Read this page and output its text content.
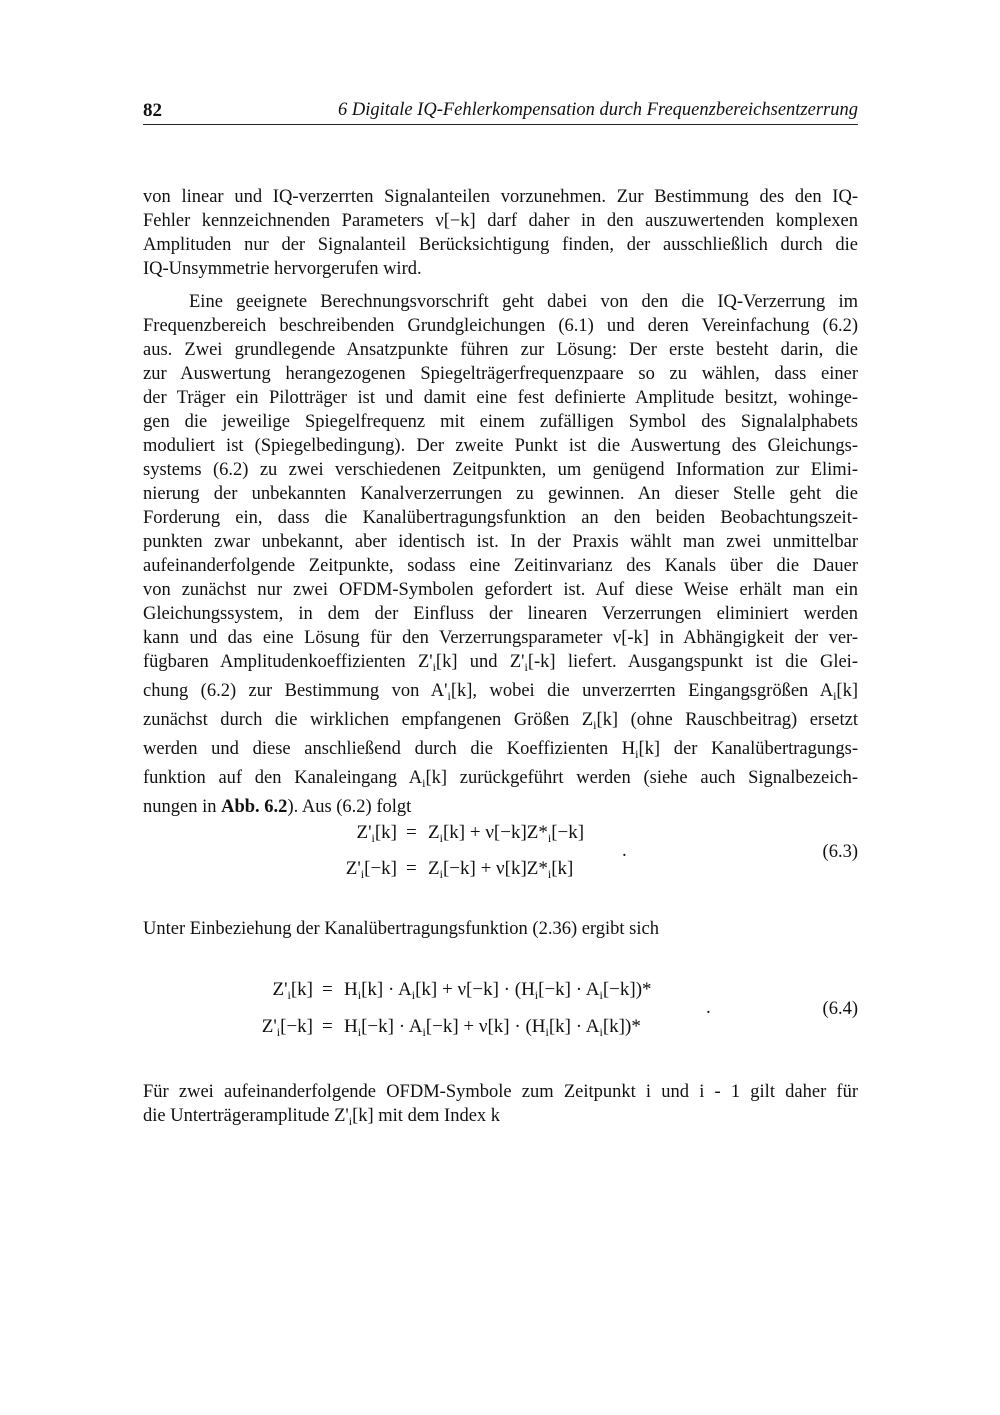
82	6 Digitale IQ-Fehlerkompensation durch Frequenzbereichsentzerrung
von linear und IQ-verzerrten Signalanteilen vorzunehmen. Zur Bestimmung des den IQ-
Fehler kennzeichnenden Parameters ν[−k] darf daher in den auszuwertenden komplexen
Amplituden nur der Signalanteil Berücksichtigung finden, der ausschließlich durch die
IQ-Unsymmetrie hervorgerufen wird.
Eine geeignete Berechnungsvorschrift geht dabei von den die IQ-Verzerrung im
Frequenzbereich beschreibenden Grundgleichungen (6.1) und deren Vereinfachung (6.2)
aus. Zwei grundlegende Ansatzpunkte führen zur Lösung: Der erste besteht darin, die
zur Auswertung herangezogenen Spiegelträgerfrequenzpaare so zu wählen, dass einer
der Träger ein Pilotträger ist und damit eine fest definierte Amplitude besitzt, wohinge-
gen die jeweilige Spiegelfrequenz mit einem zufälligen Symbol des Signalalphabets
moduliert ist (Spiegelbedingung). Der zweite Punkt ist die Auswertung des Gleichungs-
systems (6.2) zu zwei verschiedenen Zeitpunkten, um genügend Information zur Elimi-
nierung der unbekannten Kanalverzerrungen zu gewinnen. An dieser Stelle geht die
Forderung ein, dass die Kanalübertragungsfunktion an den beiden Beobachtungszeit-
punkten zwar unbekannt, aber identisch ist. In der Praxis wählt man zwei unmittelbar
aufeinanderfolgende Zeitpunkte, sodass eine Zeitinvarianz des Kanals über die Dauer
von zunächst nur zwei OFDM-Symbolen gefordert ist. Auf diese Weise erhält man ein
Gleichungssystem, in dem der Einfluss der linearen Verzerrungen eliminiert werden
kann und das eine Lösung für den Verzerrungsparameter ν[-k] in Abhängigkeit der ver-
fügbaren Amplitudenkoeffizienten $Z'_i[k]$ und $Z'_i[-k]$ liefert. Ausgangspunkt ist die Glei-
chung (6.2) zur Bestimmung von $A'_i[k]$, wobei die unverzerrten Eingangsgrößen $A_i[k]$
zunächst durch die wirklichen empfangenen Größen $Z_i[k]$ (ohne Rauschbeitrag) ersetzt
werden und diese anschließend durch die Koeffizienten $H_i[k]$ der Kanalübertragungs-
funktion auf den Kanaleingang $A_i[k]$ zurückgeführt werden (siehe auch Signalbezeich-
nungen in Abb. 6.2). Aus (6.2) folgt
$Z'_i[k] = Z_i[k] + \nu[-k]Z*_i[-k]$
$Z'_i[-k] = Z_i[-k] + \nu[k]Z*_i[k]$
.	(6.3)
Unter Einbeziehung der Kanalübertragungsfunktion (2.36) ergibt sich
$Z'_i[k] = H_i[k] \cdot A_i[k] + \nu[-k] \cdot (H_i[-k] \cdot A_i[-k])*$
$Z'_i[-k] = H_i[-k] \cdot A_i[-k] + \nu[k] \cdot (H_i[k] \cdot A_i[k])*$
.	(6.4)
Für zwei aufeinanderfolgende OFDM-Symbole zum Zeitpunkt i und i - 1 gilt daher für
die Unterträgeramplitude $Z'_i[k]$ mit dem Index k
